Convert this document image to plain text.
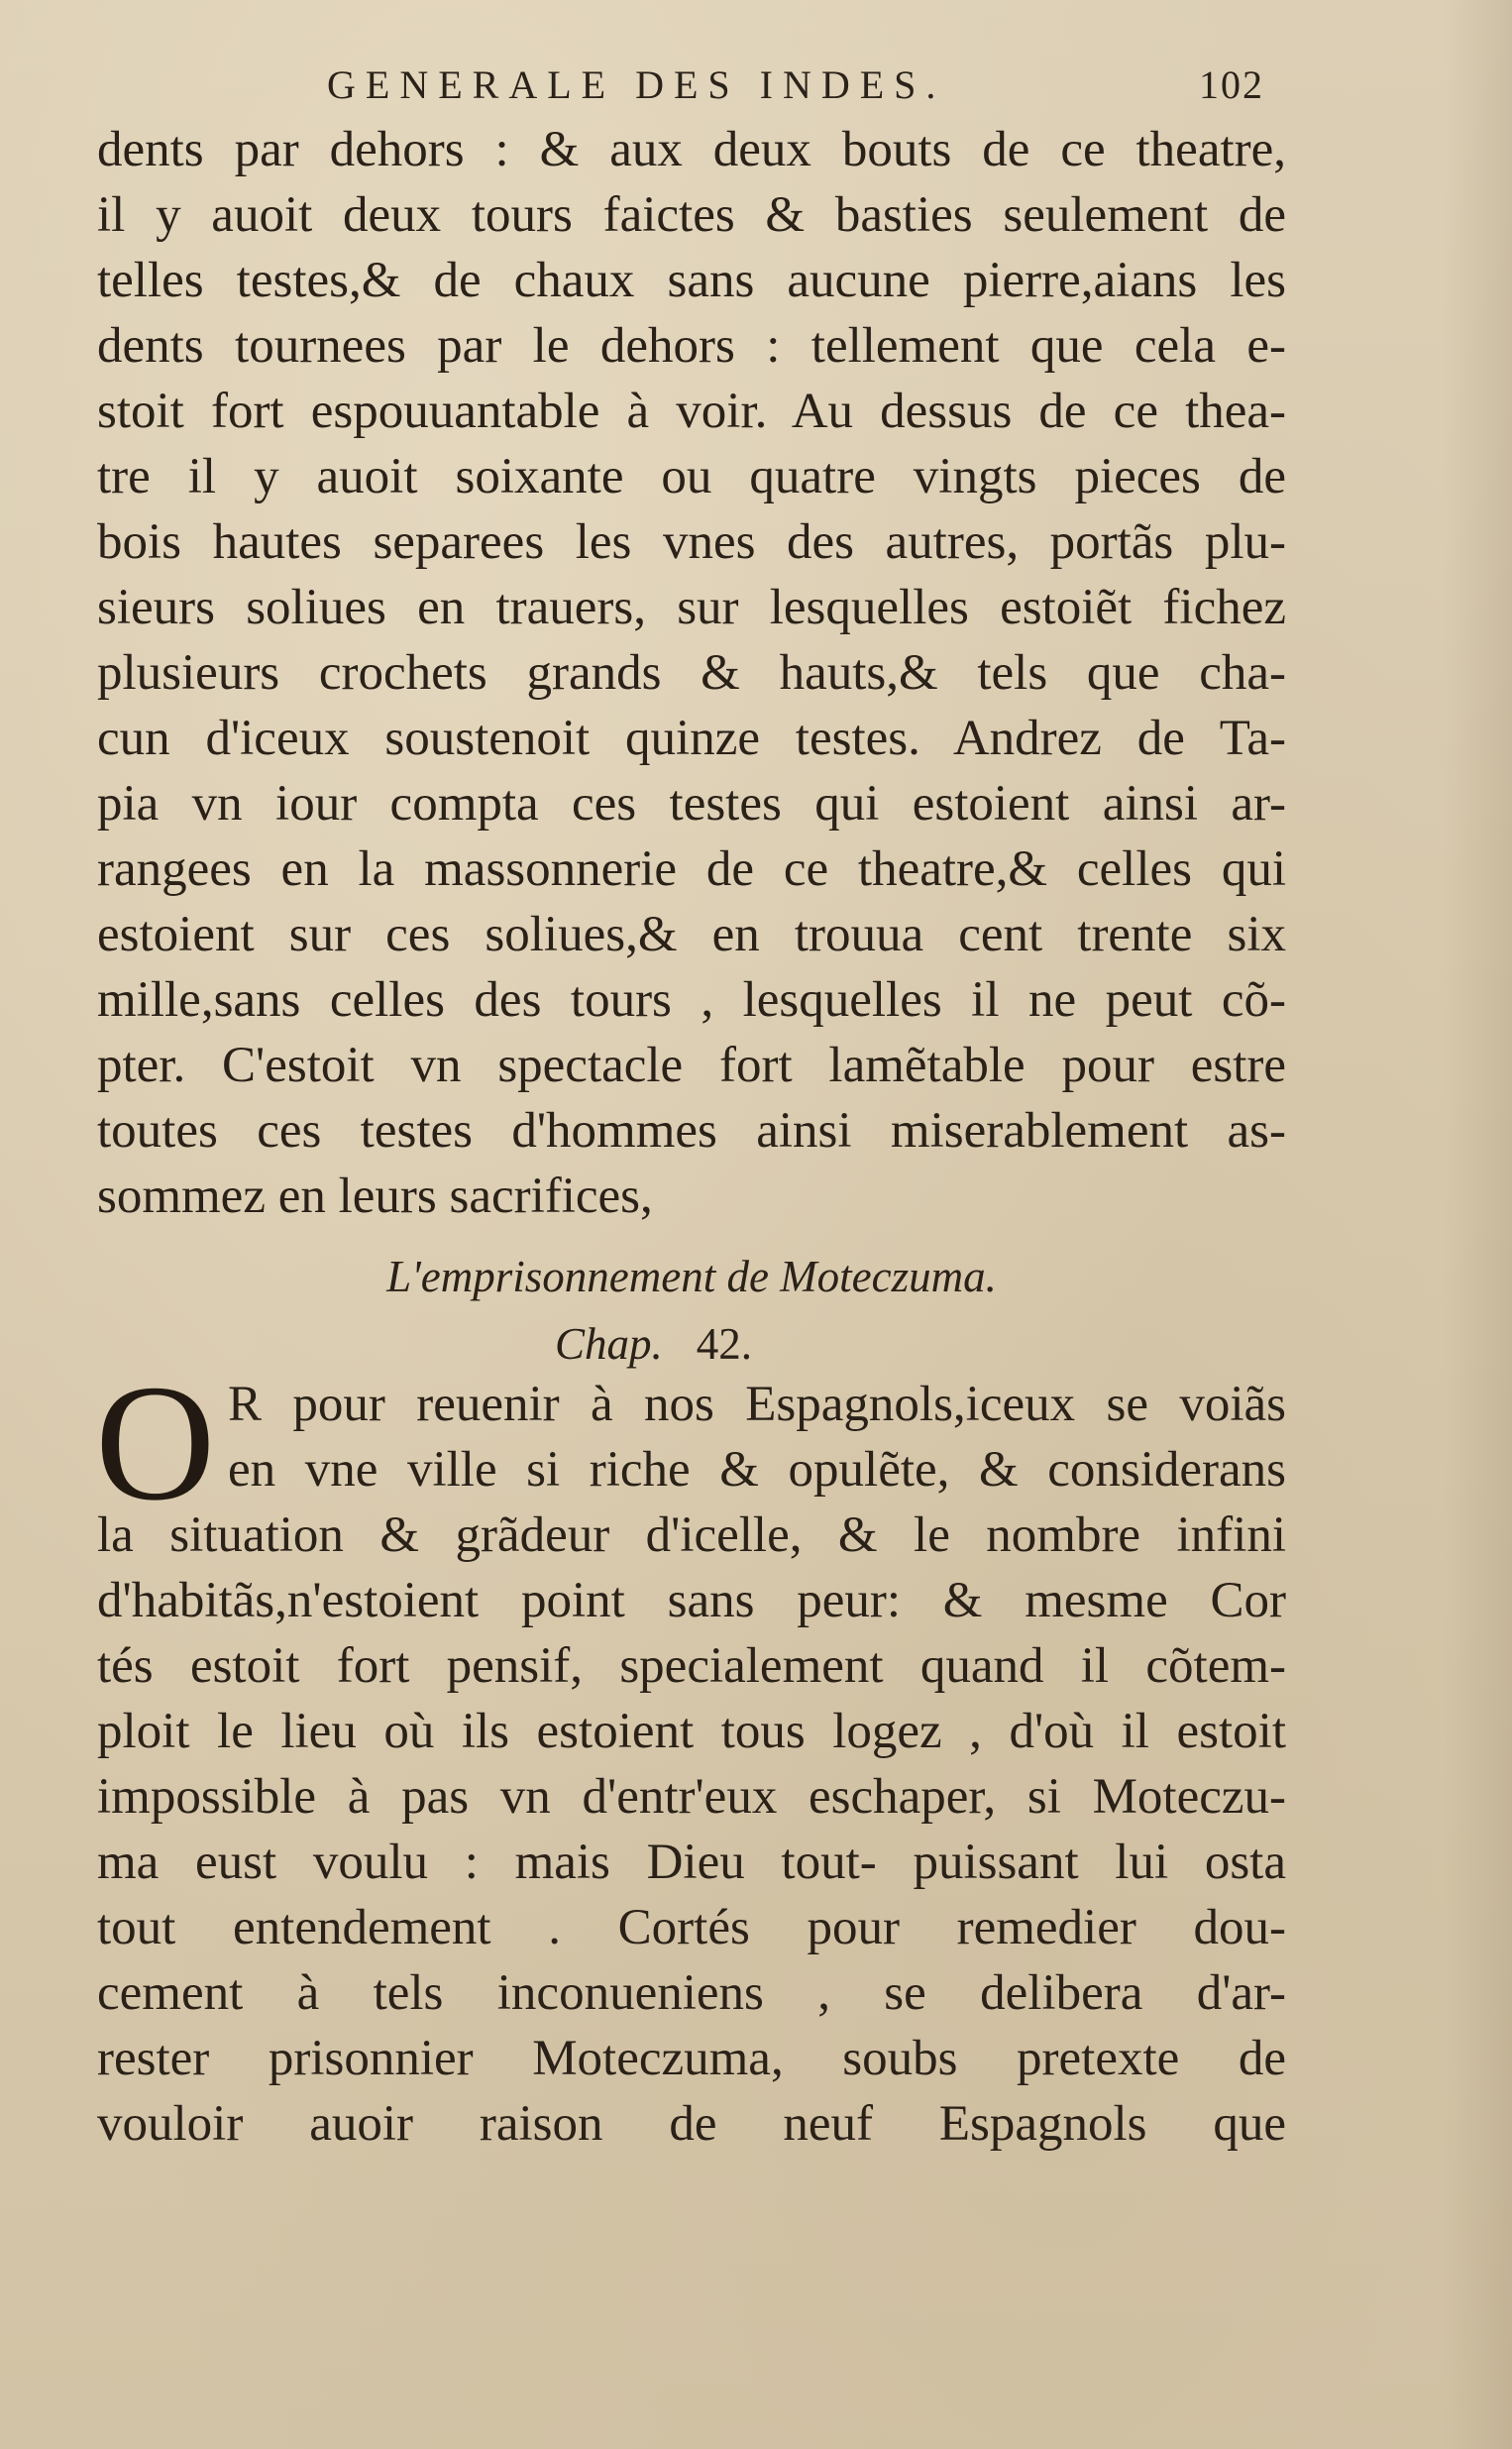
GENERALE DES INDES.	102
dents par dehors : & aux deux bouts de ce theatre,
il y auoit deux tours faictes & basties seulement de
telles testes,& de chaux sans aucune pierre,aians les
dents tournees par le dehors : tellement que cela e-
stoit fort espouuantable à voir. Au dessus de ce thea-
tre il y auoit soixante ou quatre vingts pieces de
bois hautes separees les vnes des autres, portãs plu-
sieurs soliues en trauers, sur lesquelles estoiẽt fichez
plusieurs crochets grands & hauts,& tels que cha-
cun d'iceux soustenoit quinze testes. Andrez de Ta-
pia vn iour compta ces testes qui estoient ainsi ar-
rangees en la massonnerie de ce theatre,& celles qui
estoient sur ces soliues,& en trouua cent trente six
mille,sans celles des tours , lesquelles il ne peut cõ-
pter. C'estoit vn spectacle fort lamẽtable pour estre
toutes ces testes d'hommes ainsi miserablement as-
sommez en leurs sacrifices,
L'emprisonnement de Moteczuma.
Chap. 42.
O R pour reuenir à nos Espagnols,iceux se voiãs
en vne ville si riche & opulẽte, & considerans
la situation & grãdeur d'icelle, & le nombre infini
d'habitãs,n'estoient point sans peur: & mesme Cor
tés estoit fort pensif, specialement quand il cõtem-
ploit le lieu où ils estoient tous logez , d'où il estoit
impossible à pas vn d'entr'eux eschaper, si Moteczu-
ma eust voulu : mais Dieu tout- puissant lui osta
tout entendement . Cortés pour remedier dou-
cement à tels inconueniens , se delibera d'ar-
rester prisonnier Moteczuma, soubs pretexte de
vouloir auoir raison de neuf Espagnols que
